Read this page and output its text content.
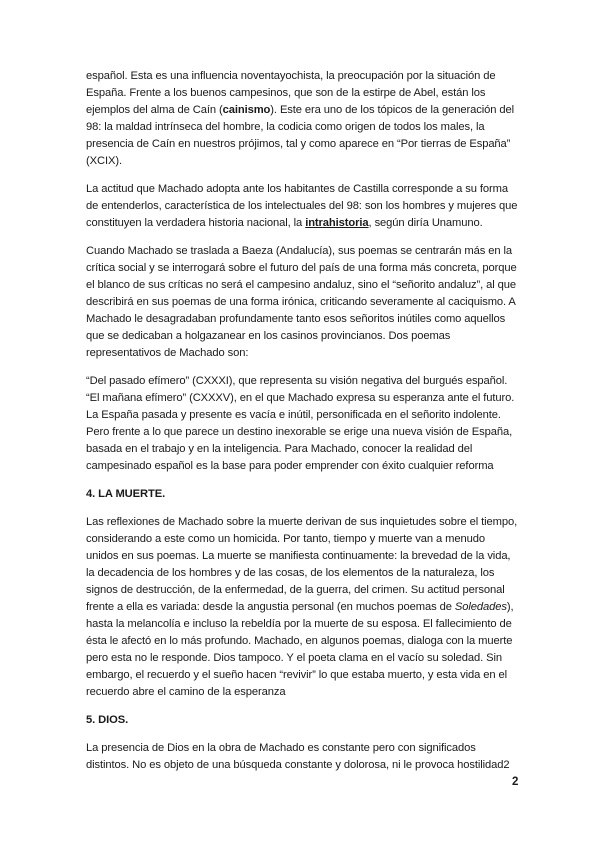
español. Esta es una influencia noventayochista, la preocupación por la situación de España. Frente a los buenos campesinos, que son de la estirpe de Abel, están los ejemplos del alma de Caín (cainismo). Este era uno de los tópicos de la generación del 98: la maldad intrínseca del hombre, la codicia como origen de todos los males, la presencia de Caín en nuestros prójimos, tal y como aparece en “Por tierras de España” (XCIX).

La actitud que Machado adopta ante los habitantes de Castilla corresponde a su forma de entenderlos, característica de los intelectuales del 98: son los hombres y mujeres que constituyen la verdadera historia nacional, la intrahistoria, según diría Unamuno.

Cuando Machado se traslada a Baeza (Andalucía), sus poemas se centrarán más en la crítica social y se interrogará sobre el futuro del país de una forma más concreta, porque el blanco de sus críticas no será el campesino andaluz, sino el “señorito andaluz”, al que describirá en sus poemas de una forma irónica, criticando severamente al caciquismo. A Machado le desagradaban profundamente tanto esos señoritos inútiles como aquellos que se dedicaban a holgazanear en los casinos provincianos. Dos poemas representativos de Machado son:

“Del pasado efímero” (CXXXI), que representa su visión negativa del burgués español. “El mañana efímero” (CXXXV), en el que Machado expresa su esperanza ante el futuro. La España pasada y presente es vacía e inútil, personificada en el señorito indolente. Pero frente a lo que parece un destino inexorable se erige una nueva visión de España, basada en el trabajo y en la inteligencia. Para Machado, conocer la realidad del campesinado español es la base para poder emprender con éxito cualquier reforma

4. LA MUERTE.

Las reflexiones de Machado sobre la muerte derivan de sus inquietudes sobre el tiempo, considerando a este como un homicida. Por tanto, tiempo y muerte van a menudo unidos en sus poemas. La muerte se manifiesta continuamente: la brevedad de la vida, la decadencia de los hombres y de las cosas, de los elementos de la naturaleza, los signos de destrucción, de la enfermedad, de la guerra, del crimen. Su actitud personal frente a ella es variada: desde la angustia personal (en muchos poemas de Soledades), hasta la melancolía e incluso la rebeldía por la muerte de su esposa. El fallecimiento de ésta le afectó en lo más profundo. Machado, en algunos poemas, dialoga con la muerte pero esta no le responde. Dios tampoco. Y el poeta clama en el vacío su soledad. Sin embargo, el recuerdo y el sueño hacen “revivir” lo que estaba muerto, y esta vida en el recuerdo abre el camino de la esperanza

5. DIOS.

La presencia de Dios en la obra de Machado es constante pero con significados distintos. No es objeto de una búsqueda constante y dolorosa, ni le provoca hostilidad2

2
